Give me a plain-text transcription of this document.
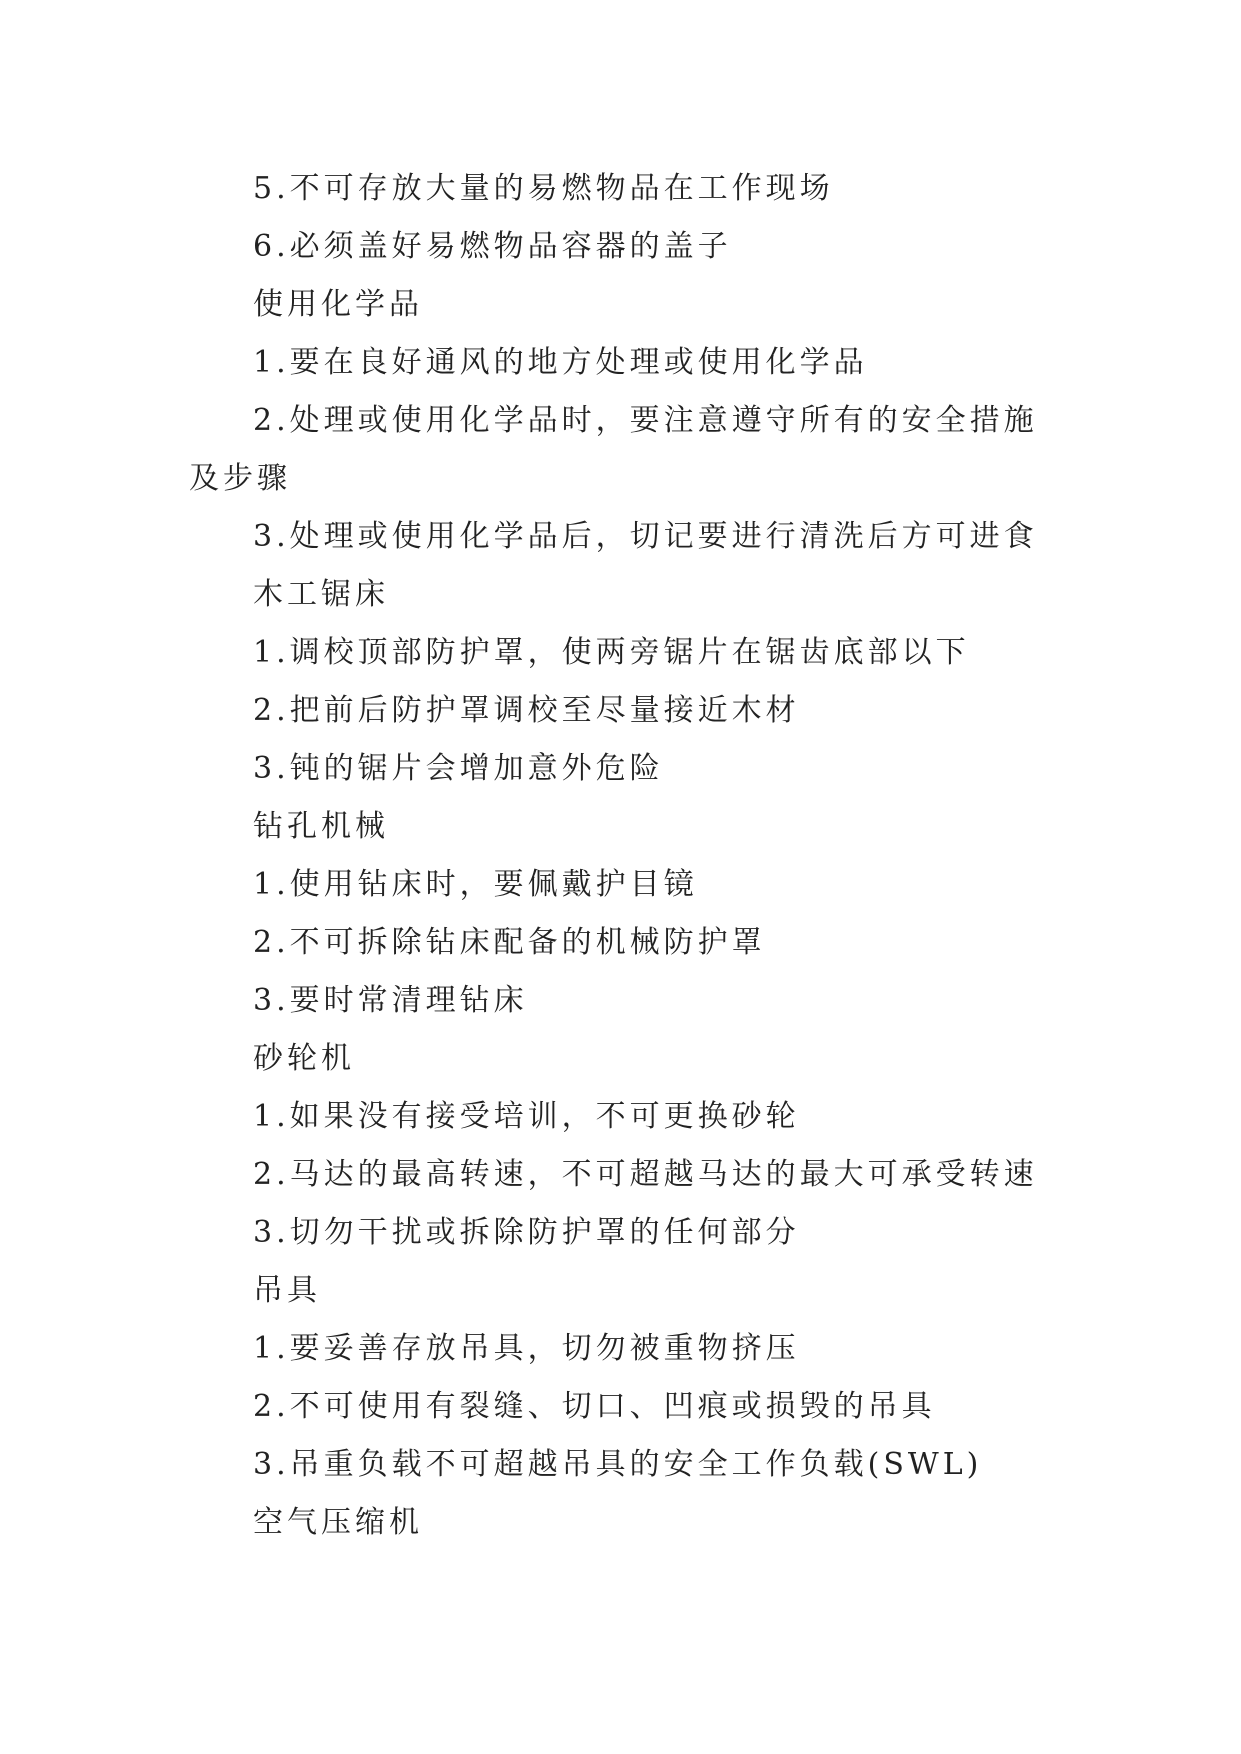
5.不可存放大量的易燃物品在工作现场
6.必须盖好易燃物品容器的盖子
使用化学品
1.要在良好通风的地方处理或使用化学品
2.处理或使用化学品时，要注意遵守所有的安全措施及步骤
3.处理或使用化学品后，切记要进行清洗后方可进食
木工锯床
1.调校顶部防护罩，使两旁锯片在锯齿底部以下
2.把前后防护罩调校至尽量接近木材
3.钝的锯片会增加意外危险
钻孔机械
1.使用钻床时，要佩戴护目镜
2.不可拆除钻床配备的机械防护罩
3.要时常清理钻床
砂轮机
1.如果没有接受培训，不可更换砂轮
2.马达的最高转速，不可超越马达的最大可承受转速
3.切勿干扰或拆除防护罩的任何部分
吊具
1.要妥善存放吊具，切勿被重物挤压
2.不可使用有裂缝、切口、凹痕或损毁的吊具
3.吊重负载不可超越吊具的安全工作负载(SWL)
空气压缩机
